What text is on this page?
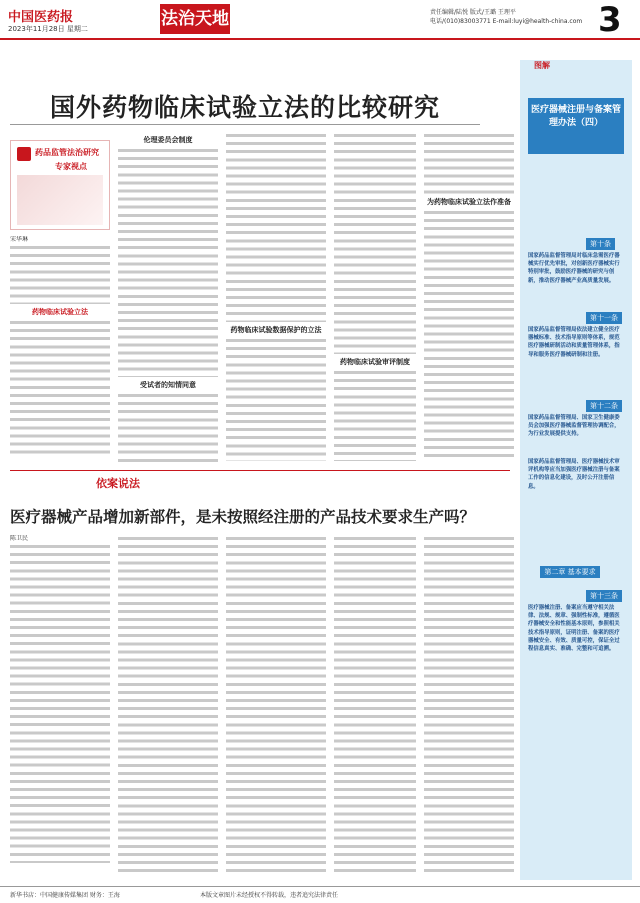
中国医药报
2023年11月28日 星期二	法治天地	责任编辑/陆悦 版式/王璐 王理平
电话/(010)83003771 E-mail:luyi@health-china.com 3
国外药物临床试验立法的比较研究
药品监管法治研究
专家视点
宋华琳
药物临床试验立法
伦理委员会制度
受试者的知情同意
药物临床试验数据保护的立法
药物临床试验审评制度
为药物临床试验立法作准备
图解
医疗器械注册与备案管理办法（四）
第十条
国家药品监督管理局对临床急需医疗器械实行优先审批，对创新医疗器械实行特别审批，鼓励医疗器械的研究与创新，推动医疗器械产业高质量发展。
第十一条
国家药品监督管理局依法建立健全医疗器械标准、技术指导原则等体系，规范医疗器械研制活动和质量管理体系，指导和服务医疗器械研制和注册。
第十二条
国家药品监督管理局、国家卫生健康委员会加强医疗器械监督管理协调配合，为行业发展提供支持。
国家药品监督管理局、医疗器械技术审评机构等应当加强医疗器械注册与备案工作的信息化建设，及时公开注册信息。
第二章 基本要求
第十三条
医疗器械注册、备案应当遵守相关法律、法规、规章、强制性标准，遵循医疗器械安全和性能基本原则，参照相关技术指导原则，证明注册、备案的医疗器械安全、有效、质量可控，保证全过程信息真实、准确、完整和可追溯。
依案说法
医疗器械产品增加新部件，是未按照经注册的产品技术要求生产吗？
陈卫民
新华书店：中国健康传媒集团 财务：王海	本版文章图片未经授权不得转载，违者追究法律责任
